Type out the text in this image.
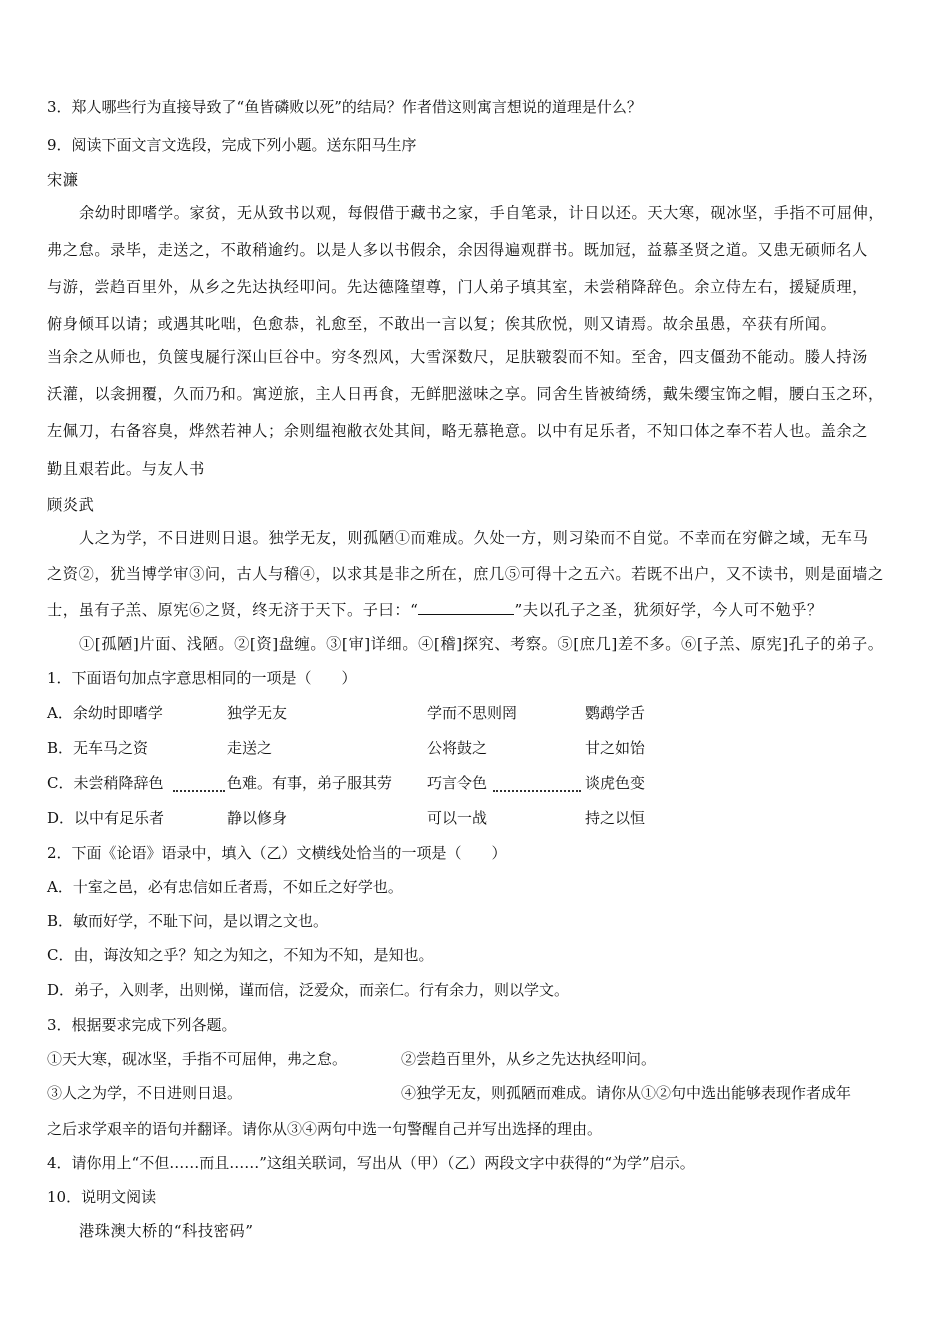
3．郑人哪些行为直接导致了“鱼皆磷败以死”的结局？作者借这则寓言想说的道理是什么？
9．阅读下面文言文选段，完成下列小题。送东阳马生序
宋濂
余幼时即嗜学。家贫，无从致书以观，每假借于藏书之家，手自笔录，计日以还。天大寒，砚冰坚，手指不可屈伸，
弗之怠。录毕，走送之，不敢稍逾约。以是人多以书假余，余因得遍观群书。既加冠，益慕圣贤之道。又患无硕师名人
与游，尝趋百里外，从乡之先达执经叩问。先达德隆望尊，门人弟子填其室，未尝稍降辞色。余立侍左右，援疑质理，
俯身倾耳以请；或遇其叱咄，色愈恭，礼愈至，不敢出一言以复；俟其欣悦，则又请焉。故余虽愚，卒获有所闻。
当余之从师也，负箧曳屣行深山巨谷中。穷冬烈风，大雪深数尺，足肤皲裂而不知。至舍，四支僵劲不能动。媵人持汤
沃灌，以衾拥覆，久而乃和。寓逆旅，主人日再食，无鲜肥滋味之享。同舍生皆被绮绣，戴朱缨宝饰之帽，腰白玉之环，
左佩刀，右备容臭，烨然若神人；余则缊袍敝衣处其间，略无慕艳意。以中有足乐者，不知口体之奉不若人也。盖余之
勤且艰若此。与友人书
顾炎武
人之为学，不日进则日退。独学无友，则孤陋①而难成。久处一方，则习染而不自觉。不幸而在穷僻之域，无车马
之资②，犹当博学审③问，古人与稽④，以求其是非之所在，庶几⑤可得十之五六。若既不出户，又不读书，则是面墙之
士，虽有子羔、原宪⑥之贤，终无济于天下。子曰：“	”夫以孔子之圣，犹须好学，今人可不勉乎？
①[孤陋]片面、浅陋。②[资]盘缠。③[审]详细。④[稽]探究、考察。⑤[庶几]差不多。⑥[子羔、原宪]孔子的弟子。
1．下面语句加点字意思相同的一项是（　　）
A．余幼时即嗜学	独学无友	学而不思则罔	鹦鹉学舌
B．无车马之资	走送之	公将鼓之	甘之如饴
C．未尝稍降辞色	色难。有事，弟子服其劳 巧言令色	谈虎色变
D．以中有足乐者	静以修身	可以一战	持之以恒
2．下面《论语》语录中，填入（乙）文横线处恰当的一项是（　　）
A．十室之邑，必有忠信如丘者焉，不如丘之好学也。
B．敏而好学，不耻下问，是以谓之文也。
C．由，诲汝知之乎？知之为知之，不知为不知，是知也。
D．弟子，入则孝，出则悌，谨而信，泛爱众，而亲仁。行有余力，则以学文。
3．根据要求完成下列各题。
①天大寒，砚冰坚，手指不可屈伸，弗之怠。	②尝趋百里外，从乡之先达执经叩问。
③人之为学，不日进则日退。	④独学无友，则孤陋而难成。请你从①②句中选出能够表现作者成年
之后求学艰辛的语句并翻译。请你从③④两句中选一句警醒自己并写出选择的理由。
4．请你用上“不但……而且……”这组关联词，写出从（甲）（乙）两段文字中获得的“为学”启示。
10．说明文阅读
港珠澳大桥的“科技密码”
